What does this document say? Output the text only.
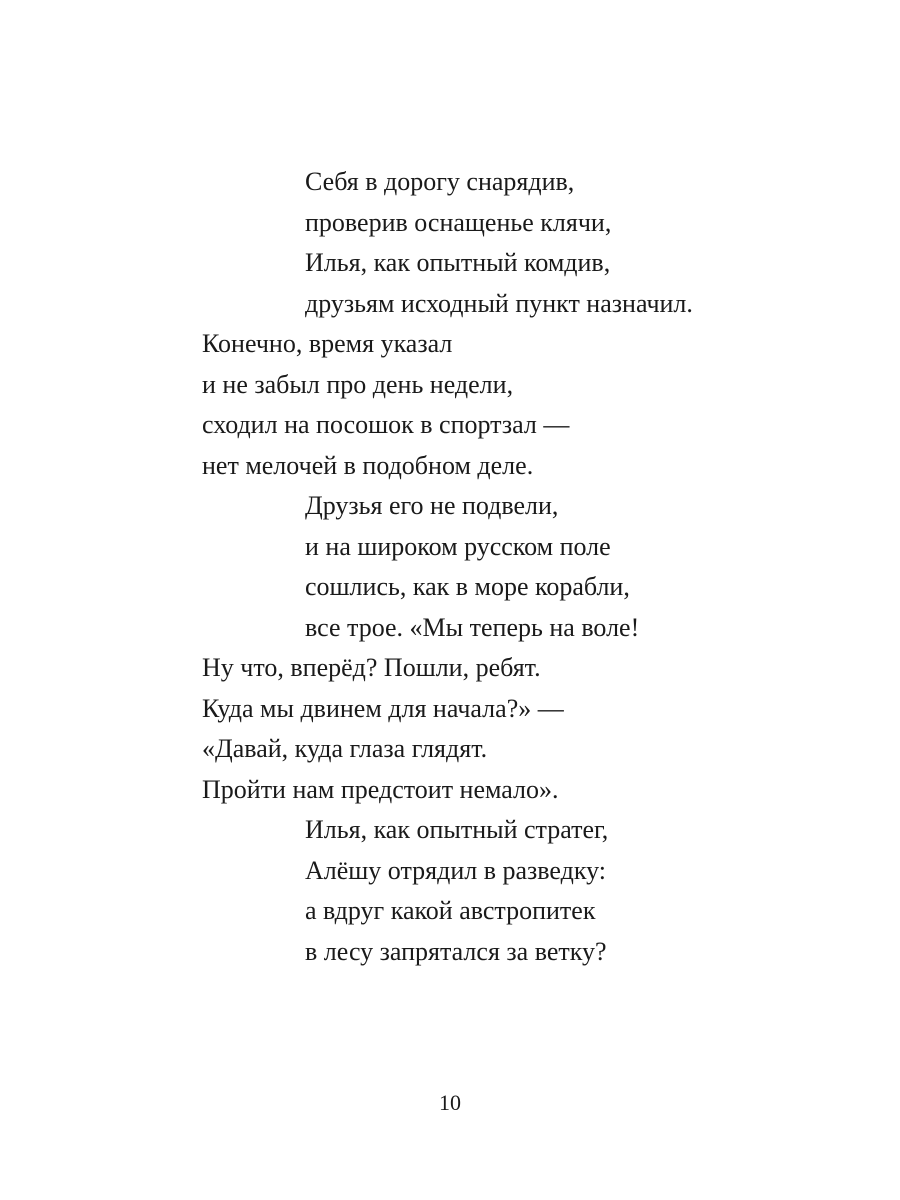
Себя в дорогу снарядив,
проверив оснащенье клячи,
Илья, как опытный комдив,
друзьям исходный пункт назначил.
Конечно, время указал
и не забыл про день недели,
сходил на посошок в спортзал —
нет мелочей в подобном деле.
Друзья его не подвели,
и на широком русском поле
сошлись, как в море корабли,
все трое. «Мы теперь на воле!
Ну что, вперёд? Пошли, ребят.
Куда мы двинем для начала?» —
«Давай, куда глаза глядят.
Пройти нам предстоит немало».
Илья, как опытный стратег,
Алёшу отрядил в разведку:
а вдруг какой австропитек
в лесу запрятался за ветку?
10
